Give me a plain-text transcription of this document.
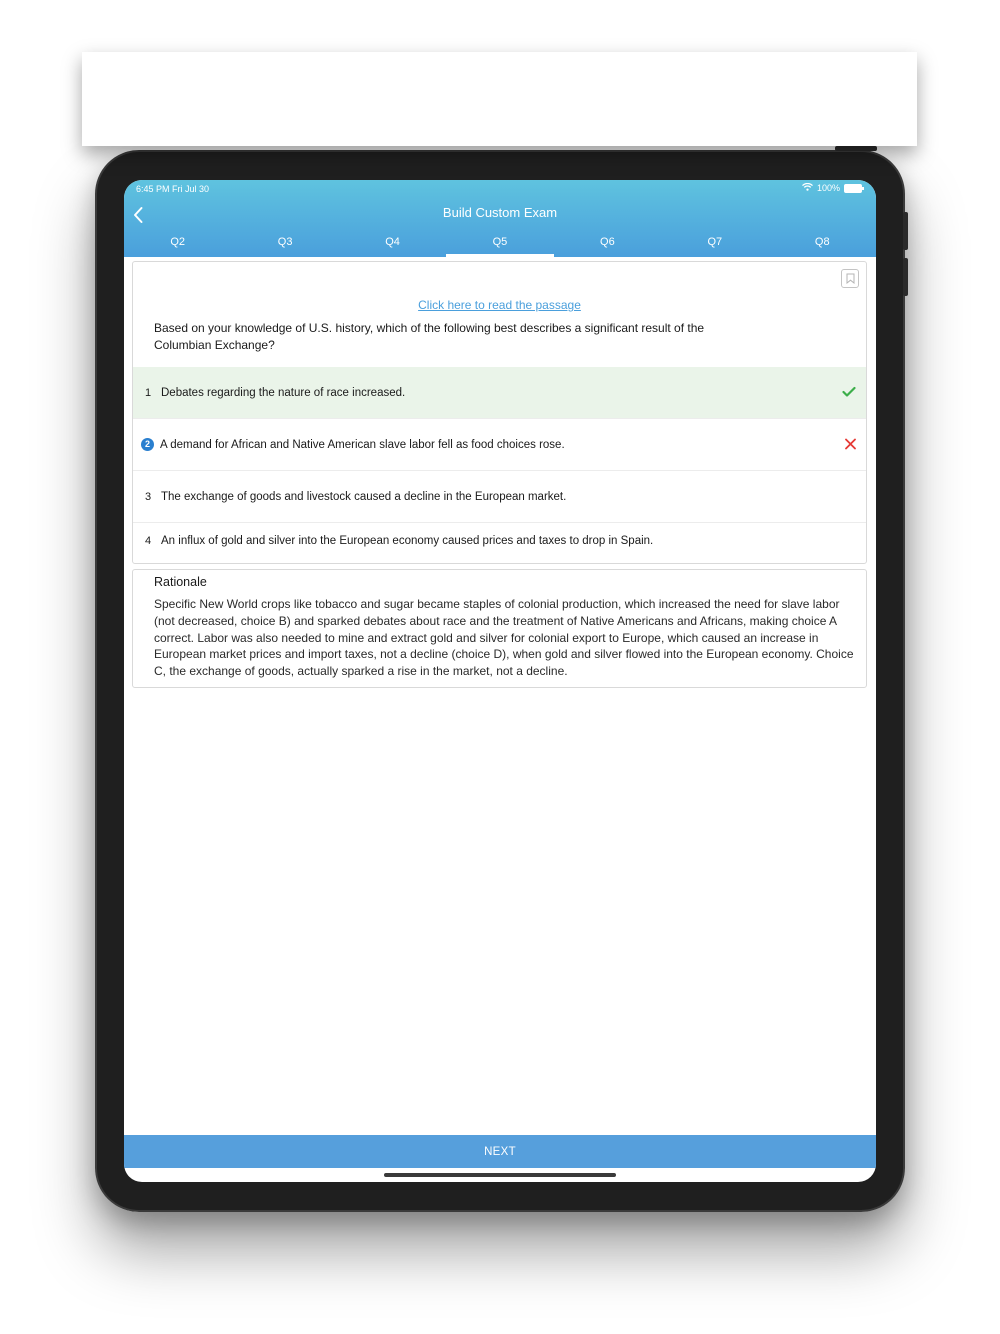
6:45 PM Fri Jul 30	100%
Build Custom Exam
Q2	Q3	Q4	Q5	Q6	Q7	Q8
Click here to read the passage
Based on your knowledge of U.S. history, which of the following best describes a significant result of the Columbian Exchange?
1 Debates regarding the nature of race increased.
2 A demand for African and Native American slave labor fell as food choices rose.
3 The exchange of goods and livestock caused a decline in the European market.
4 An influx of gold and silver into the European economy caused prices and taxes to drop in Spain.
Rationale
Specific New World crops like tobacco and sugar became staples of colonial production, which increased the need for slave labor (not decreased, choice B) and sparked debates about race and the treatment of Native Americans and Africans, making choice A correct. Labor was also needed to mine and extract gold and silver for colonial export to Europe, which caused an increase in European market prices and import taxes, not a decline (choice D), when gold and silver flowed into the European economy. Choice C, the exchange of goods, actually sparked a rise in the market, not a decline.
NEXT
